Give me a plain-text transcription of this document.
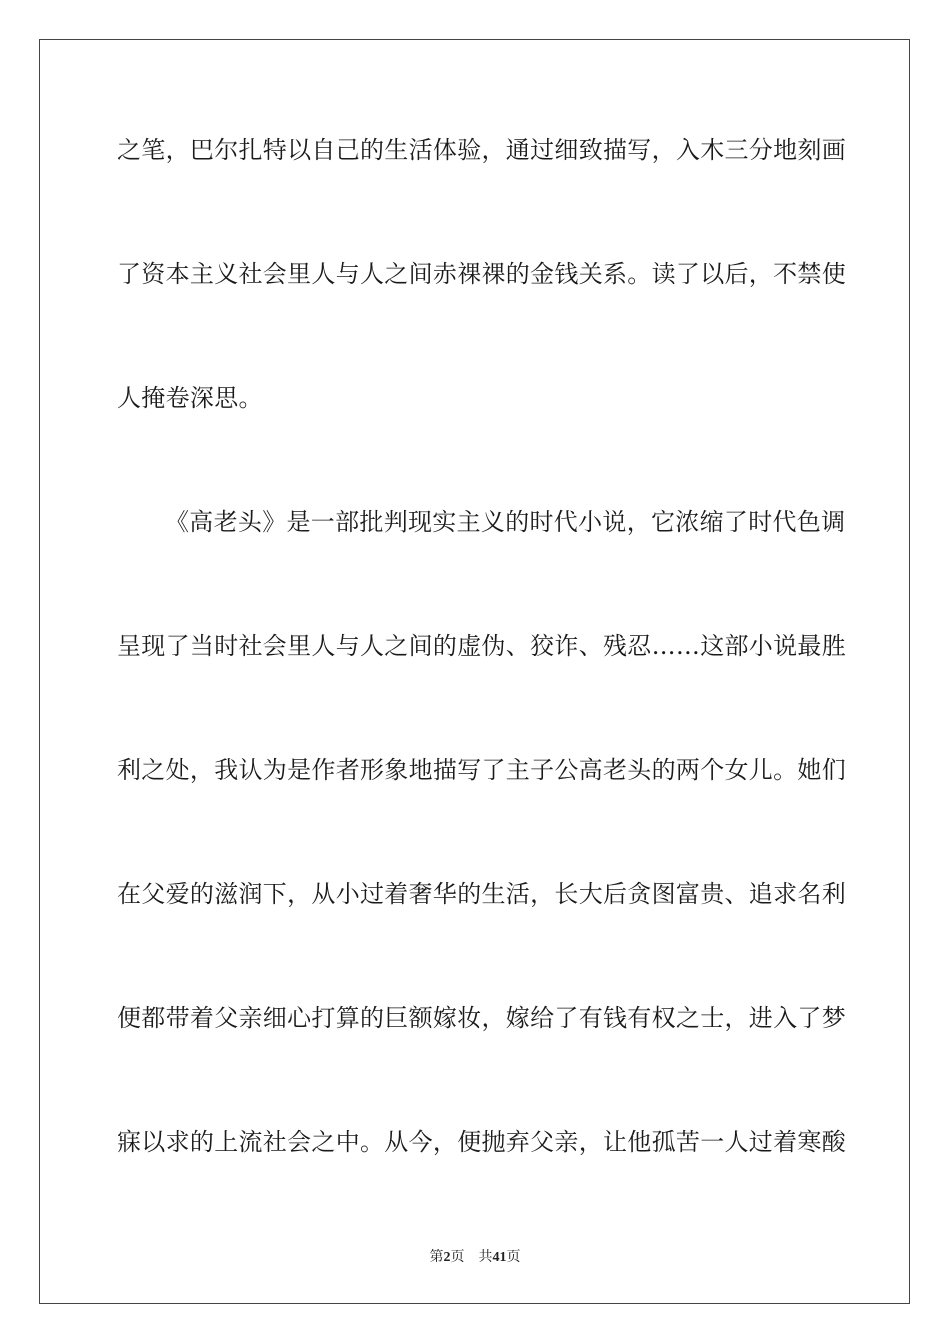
之笔，巴尔扎特以自己的生活体验，通过细致描写，入木三分地刻画
了资本主义社会里人与人之间赤祼祼的金钱关系。读了以后，不禁使
人掩卷深思。
《高老头》是一部批判现实主义的时代小说，它浓缩了时代色调
呈现了当时社会里人与人之间的虚伪、狡诈、残忍……这部小说最胜
利之处，我认为是作者形象地描写了主子公高老头的两个女儿。她们
在父爱的滋润下，从小过着奢华的生活，长大后贪图富贵、追求名利
便都带着父亲细心打算的巨额嫁妆，嫁给了有钱有权之士，进入了梦
寐以求的上流社会之中。从今，便抛弃父亲，让他孤苦一人过着寒酸
第2页 共41页
